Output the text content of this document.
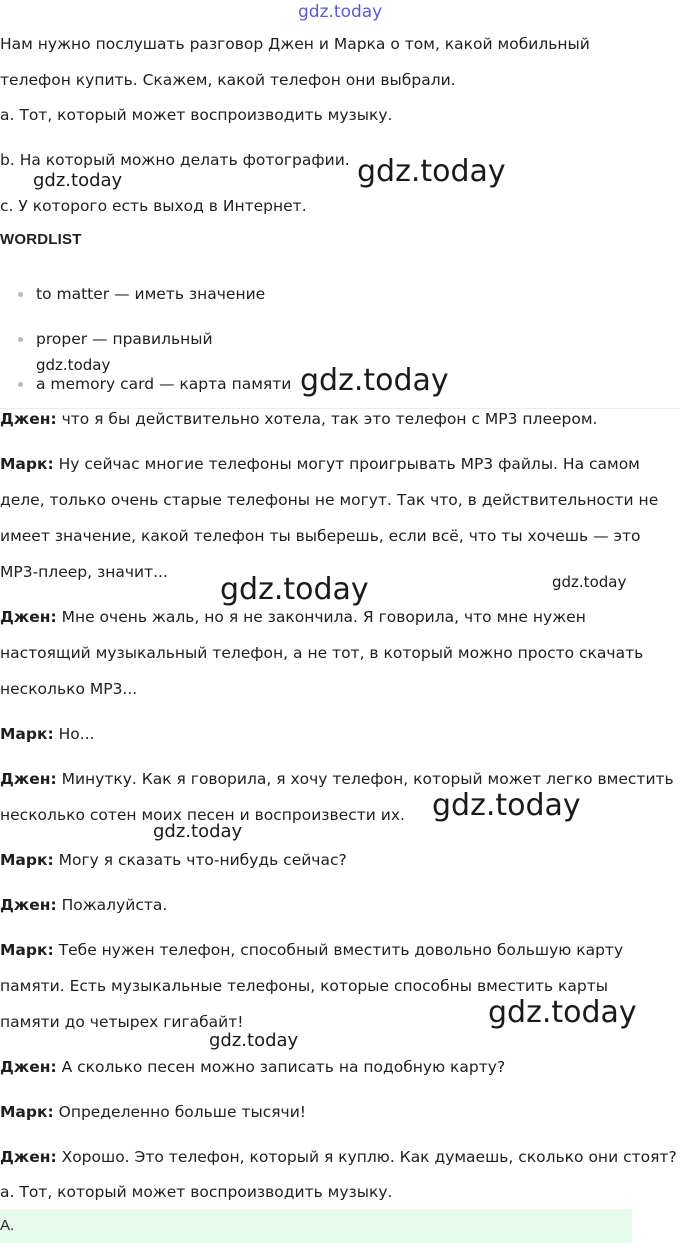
gdz.today
gdz.today	gdz.today
gdz.today	gdz.today
gdz.today	gdz.today
gdz.today
gdz.today
gdz.today
gdz.today

Нам нужно послушать разговор Джен и Марка о том, какой мобильный

телефон купить. Скажем, какой телефон они выбрали.

a. Тот, который может воспроизводить музыку.

b. На который можно делать фотографии.

c. У которого есть выход в Интернет.

WORDLIST
to matter — иметь значение
proper — правильный
a memory card — карта памяти

Джен: что я бы действительно хотела, так это телефон с MP3 плеером.

Марк: Ну сейчас многие телефоны могут проигрывать MP3 файлы. На самом

деле, только очень старые телефоны не могут. Так что, в действительности не

имеет значение, какой телефон ты выберешь, если всё, что ты хочешь — это

MP3-плеер, значит...

Джен: Мне очень жаль, но я не закончила. Я говорила, что мне нужен

настоящий музыкальный телефон, а не тот, в который можно просто скачать

несколько MP3...

Марк: Но...

Джен: Минутку. Как я говорила, я хочу телефон, который может легко вместить

несколько сотен моих песен и воспроизвести их.

Марк: Могу я сказать что-нибудь сейчас?

Джен: Пожалуйста.

Марк: Тебе нужен телефон, способный вместить довольно большую карту

памяти. Есть музыкальные телефоны, которые способны вместить карты

памяти до четырех гигабайт!

Джен: А сколько песен можно записать на подобную карту?

Марк: Определенно больше тысячи!

Джен: Хорошо. Это телефон, который я куплю. Как думаешь, сколько они стоят?

a. Тот, который может воспроизводить музыку.

A.
